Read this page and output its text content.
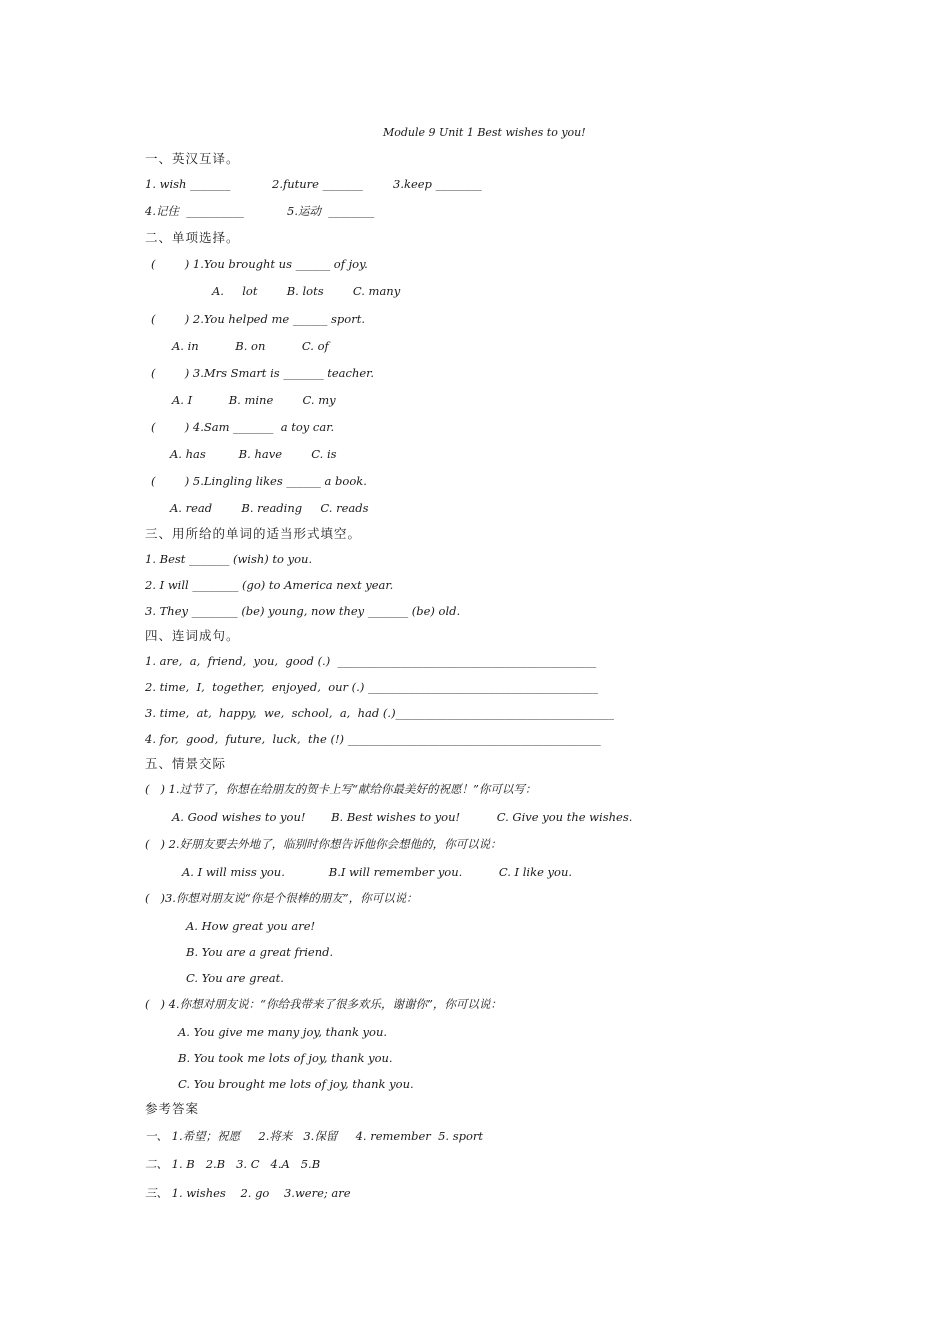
Module 9 Unit 1 Best wishes to you!
一、英汉互译。
1. wish _______	2.future _______	3.keep ________
4.记住  __________	5.运动  ________
二、单项选择。
(        ) 1.You brought us ______ of joy.
A.     lot        B. lots        C. many
(        ) 2.You helped me ______ sport.
A. in          B. on          C. of
(        ) 3.Mrs Smart is _______ teacher.
A. I          B. mine        C. my
(        ) 4.Sam _______  a toy car.
A. has         B. have        C. is
(        ) 5.Lingling likes ______ a book.
A. read        B. reading     C. reads
三、用所给的单词的适当形式填空。
1. Best _______ (wish) to you.
2. I will ________ (go) to America next year.
3. They ________ (be) young, now they _______ (be) old.
四、连词成句。
1. are,  a,  friend,  you,  good (.)  _____________________________________________
2. time,  I,  together,  enjoyed,  our (.) ________________________________________
3. time,  at,  happy,  we,  school,  a,  had (.)______________________________________
4. for,  good,  future,  luck,  the (!) ____________________________________________
五、情景交际
(   ) 1.过节了，你想在给朋友的贺卡上写“献给你最美好的祝愿！”你可以写：
A. Good wishes to you!       B. Best wishes to you!          C. Give you the wishes.
(   ) 2.好朋友要去外地了，临别时你想告诉他你会想他的，你可以说：
A. I will miss you.            B.I will remember you.          C. I like you.
(   )3.你想对朋友说“你是个很棒的朋友”，你可以说：
A. How great you are!
B. You are a great friend.
C. You are great.
(   ) 4.你想对朋友说：“你给我带来了很多欢乐，谢谢你”，你可以说：
A. You give me many joy, thank you.
B. You took me lots of joy, thank you.
C. You brought me lots of joy, thank you.
参考答案
一、 1.希望；祝愿     2.将来   3.保留     4. remember  5. sport
二、 1. B   2.B   3. C   4.A   5.B
三、 1. wishes    2. go    3.were; are
